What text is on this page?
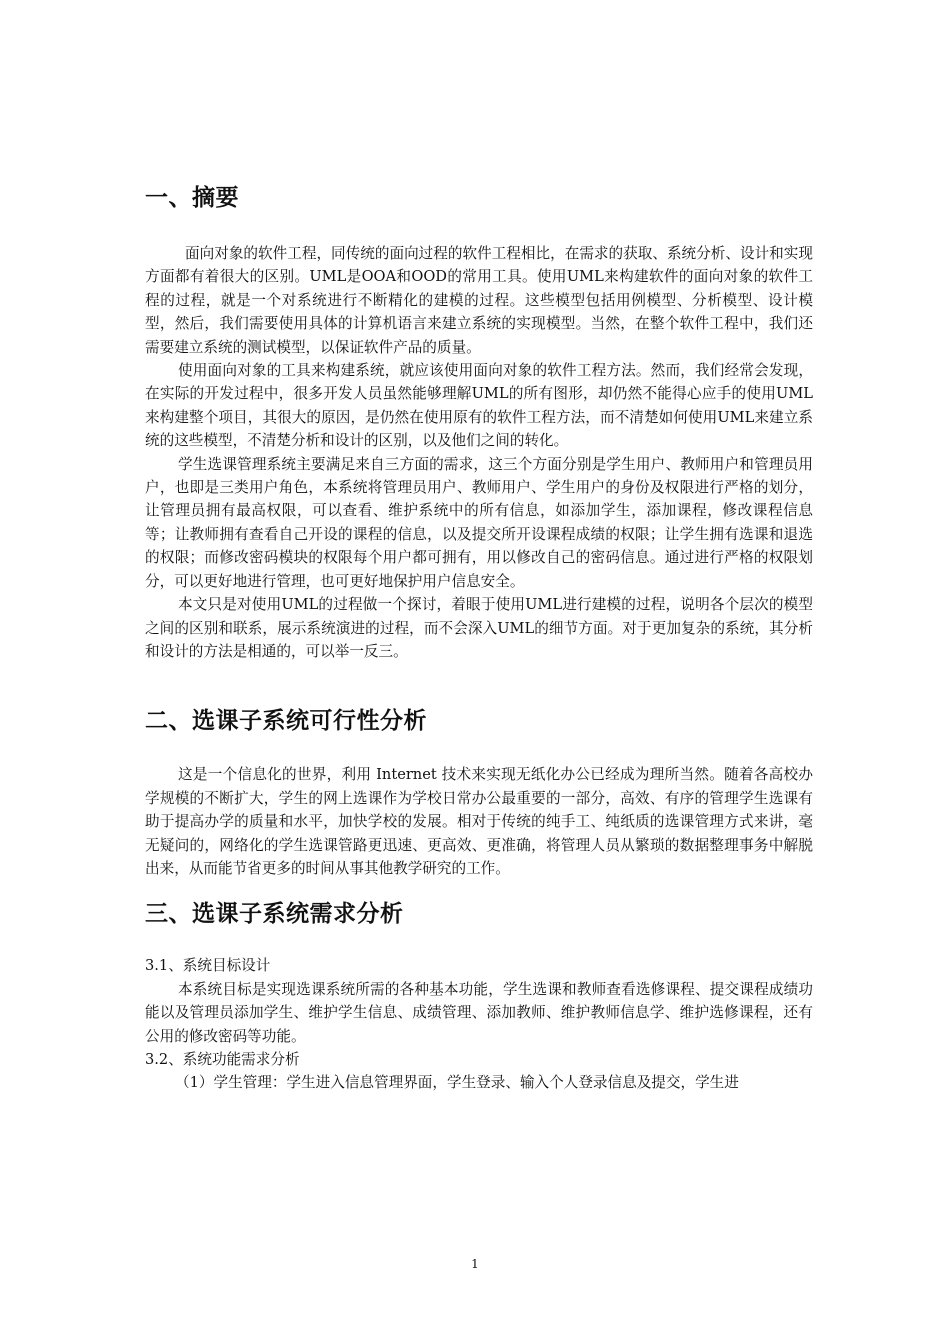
一、摘要

面向对象的软件工程，同传统的面向过程的软件工程相比，在需求的获取、系统分析、设计和实现方面都有着很大的区别。UML是OOA和OOD的常用工具。使用UML来构建软件的面向对象的软件工程的过程，就是一个对系统进行不断精化的建模的过程。这些模型包括用例模型、分析模型、设计模型，然后，我们需要使用具体的计算机语言来建立系统的实现模型。当然，在整个软件工程中，我们还需要建立系统的测试模型，以保证软件产品的质量。

使用面向对象的工具来构建系统，就应该使用面向对象的软件工程方法。然而，我们经常会发现，在实际的开发过程中，很多开发人员虽然能够理解UML的所有图形，却仍然不能得心应手的使用UML来构建整个项目，其很大的原因，是仍然在使用原有的软件工程方法，而不清楚如何使用UML来建立系统的这些模型，不清楚分析和设计的区别，以及他们之间的转化。

学生选课管理系统主要满足来自三方面的需求，这三个方面分别是学生用户、教师用户和管理员用户，也即是三类用户角色，本系统将管理员用户、教师用户、学生用户的身份及权限进行严格的划分，让管理员拥有最高权限，可以查看、维护系统中的所有信息，如添加学生，添加课程，修改课程信息等；让教师拥有查看自己开设的课程的信息，以及提交所开设课程成绩的权限；让学生拥有选课和退选的权限；而修改密码模块的权限每个用户都可拥有，用以修改自己的密码信息。通过进行严格的权限划分，可以更好地进行管理，也可更好地保护用户信息安全。

本文只是对使用UML的过程做一个探讨，着眼于使用UML进行建模的过程，说明各个层次的模型之间的区别和联系，展示系统演进的过程，而不会深入UML的细节方面。对于更加复杂的系统，其分析和设计的方法是相通的，可以举一反三。

二、选课子系统可行性分析

这是一个信息化的世界，利用 Internet 技术来实现无纸化办公已经成为理所当然。随着各高校办学规模的不断扩大，学生的网上选课作为学校日常办公最重要的一部分，高效、有序的管理学生选课有助于提高办学的质量和水平，加快学校的发展。相对于传统的纯手工、纯纸质的选课管理方式来讲，毫无疑问的，网络化的学生选课管路更迅速、更高效、更准确，将管理人员从繁琐的数据整理事务中解脱出来，从而能节省更多的时间从事其他教学研究的工作。

三、选课子系统需求分析

3.1、系统目标设计

本系统目标是实现选课系统所需的各种基本功能，学生选课和教师查看选修课程、提交课程成绩功能以及管理员添加学生、维护学生信息、成绩管理、添加教师、维护教师信息学、维护选修课程，还有公用的修改密码等功能。

3.2、系统功能需求分析

（1）学生管理：学生进入信息管理界面，学生登录、输入个人登录信息及提交，学生进

1
